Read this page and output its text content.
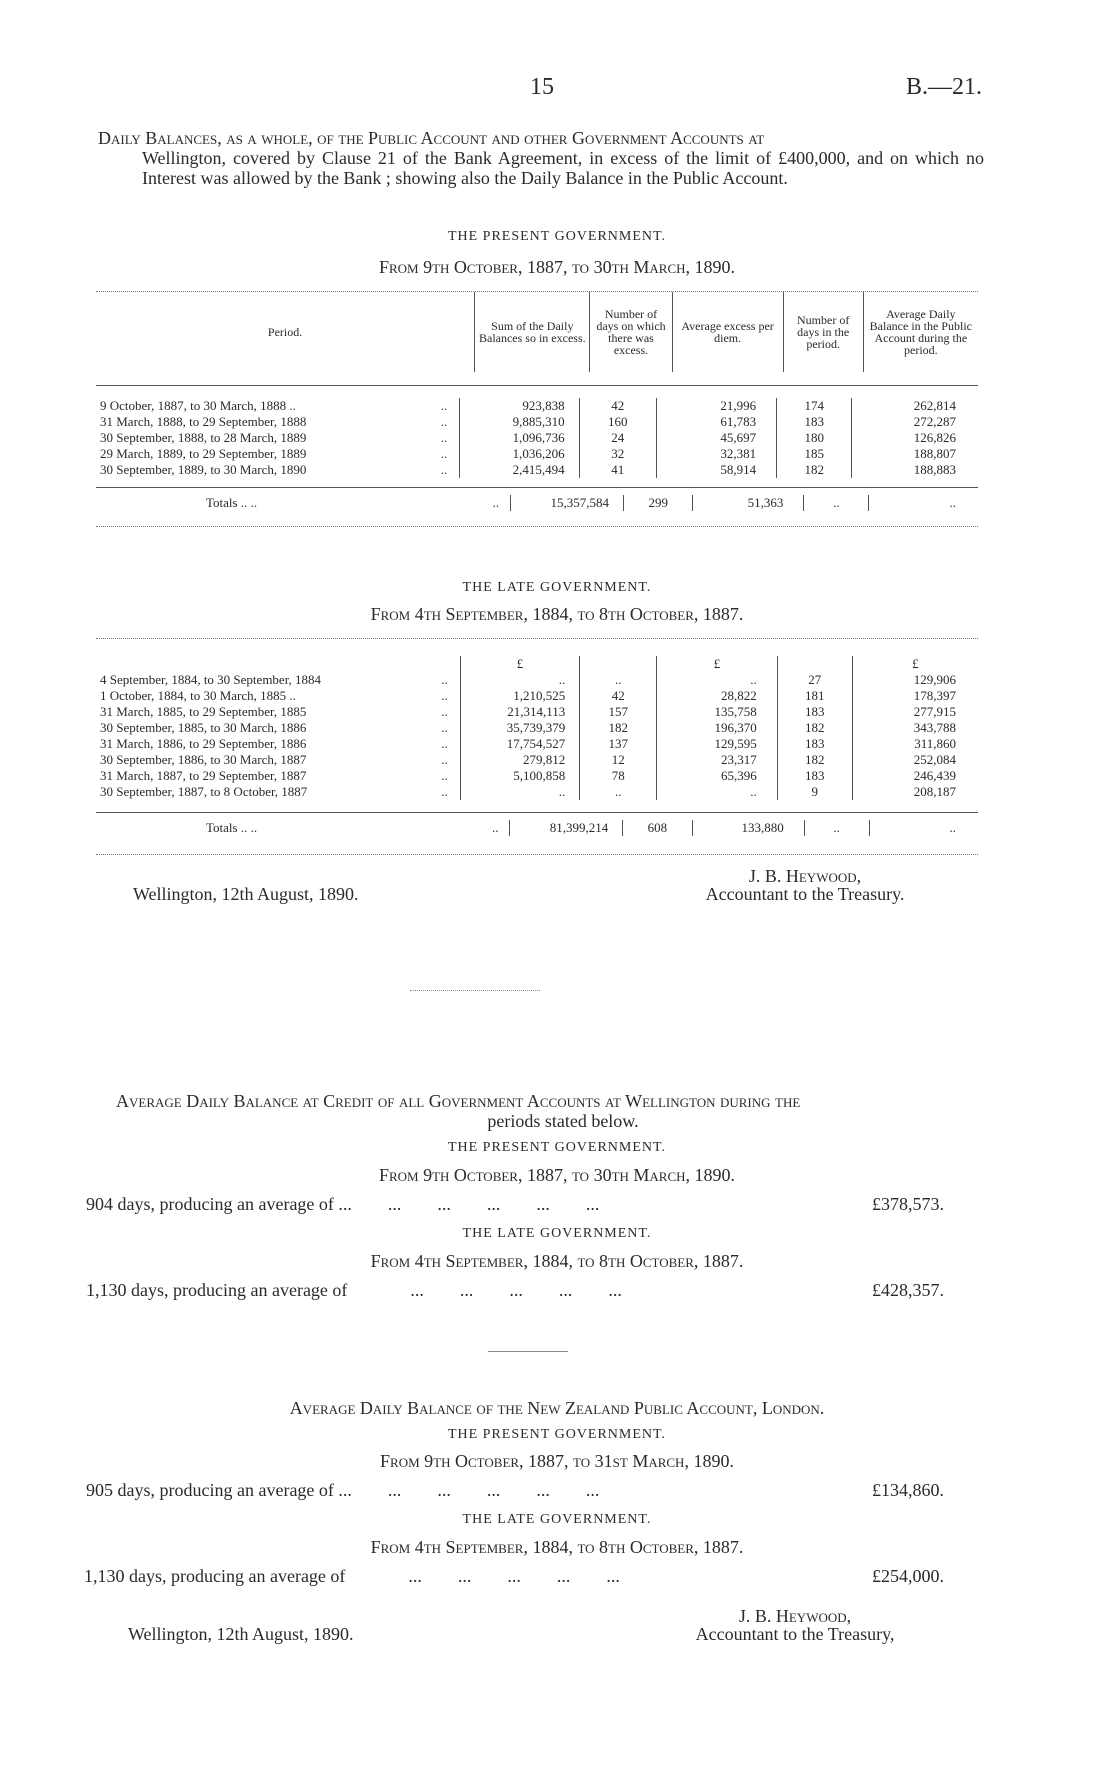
15	B.—21.
Daily Balances, as a whole, of the Public Account and other Government Accounts at

Wellington, covered by Clause 21 of the Bank Agreement, in excess of the limit of £400,000, and on which no Interest was allowed by the Bank ; showing also the Daily Balance in the Public Account.
THE PRESENT GOVERNMENT.
From 9th October, 1887, to 30th March, 1890.
Period.	Sum of the Daily Balances so in excess.	Number of days on which there was excess.	Average excess per diem.	Number of days in the period.	Average Daily Balance in the Public Account during the period.
9 October, 1887, to 30 March, 1888 ..	..	923,838	42	21,996	174	262,814
31 March, 1888, to 29 September, 1888	..	9,885,310	160	61,783	183	272,287
30 September, 1888, to 28 March, 1889	..	1,096,736	24	45,697	180	126,826
29 March, 1889, to 29 September, 1889	..	1,036,206	32	32,381	185	188,807
30 September, 1889, to 30 March, 1890	..	2,415,494	41	58,914	182	188,883
Totals .. ..	..	15,357,584	299	51,363	..	..
THE LATE GOVERNMENT.
From 4th September, 1884, to 8th October, 1887.
		£		£		£
4 September, 1884, to 30 September, 1884	..	..	..	..	27	129,906
1 October, 1884, to 30 March, 1885 ..	..	1,210,525	42	28,822	181	178,397
31 March, 1885, to 29 September, 1885	..	21,314,113	157	135,758	183	277,915
30 September, 1885, to 30 March, 1886	..	35,739,379	182	196,370	182	343,788
31 March, 1886, to 29 September, 1886	..	17,754,527	137	129,595	183	311,860
30 September, 1886, to 30 March, 1887	..	279,812	12	23,317	182	252,084
31 March, 1887, to 29 September, 1887	..	5,100,858	78	65,396	183	246,439
30 September, 1887, to 8 October, 1887	..	..	..	..	9	208,187
Totals .. ..	..	81,399,214	608	133,880	..	..
Wellington, 12th August, 1890.
J. B. Heywood,
Accountant to the Treasury.
Average Daily Balance at Credit of all Government Accounts at Wellington during the
periods stated below.
THE PRESENT GOVERNMENT.
From 9th October, 1887, to 30th March, 1890.
904 days, producing an average of ...        ...        ...        ...        ...        ...	£378,573.
THE LATE GOVERNMENT.
From 4th September, 1884, to 8th October, 1887.
1,130 days, producing an average of              ...        ...        ...        ...        ...	£428,357.
Average Daily Balance of the New Zealand Public Account, London.
THE PRESENT GOVERNMENT.
From 9th October, 1887, to 31st March, 1890.
905 days, producing an average of ...        ...        ...        ...        ...        ...	£134,860.
THE LATE GOVERNMENT.
From 4th September, 1884, to 8th October, 1887.
1,130 days, producing an average of              ...        ...        ...        ...        ...	£254,000.
Wellington, 12th August, 1890.
J. B. Heywood,
Accountant to the Treasury,
